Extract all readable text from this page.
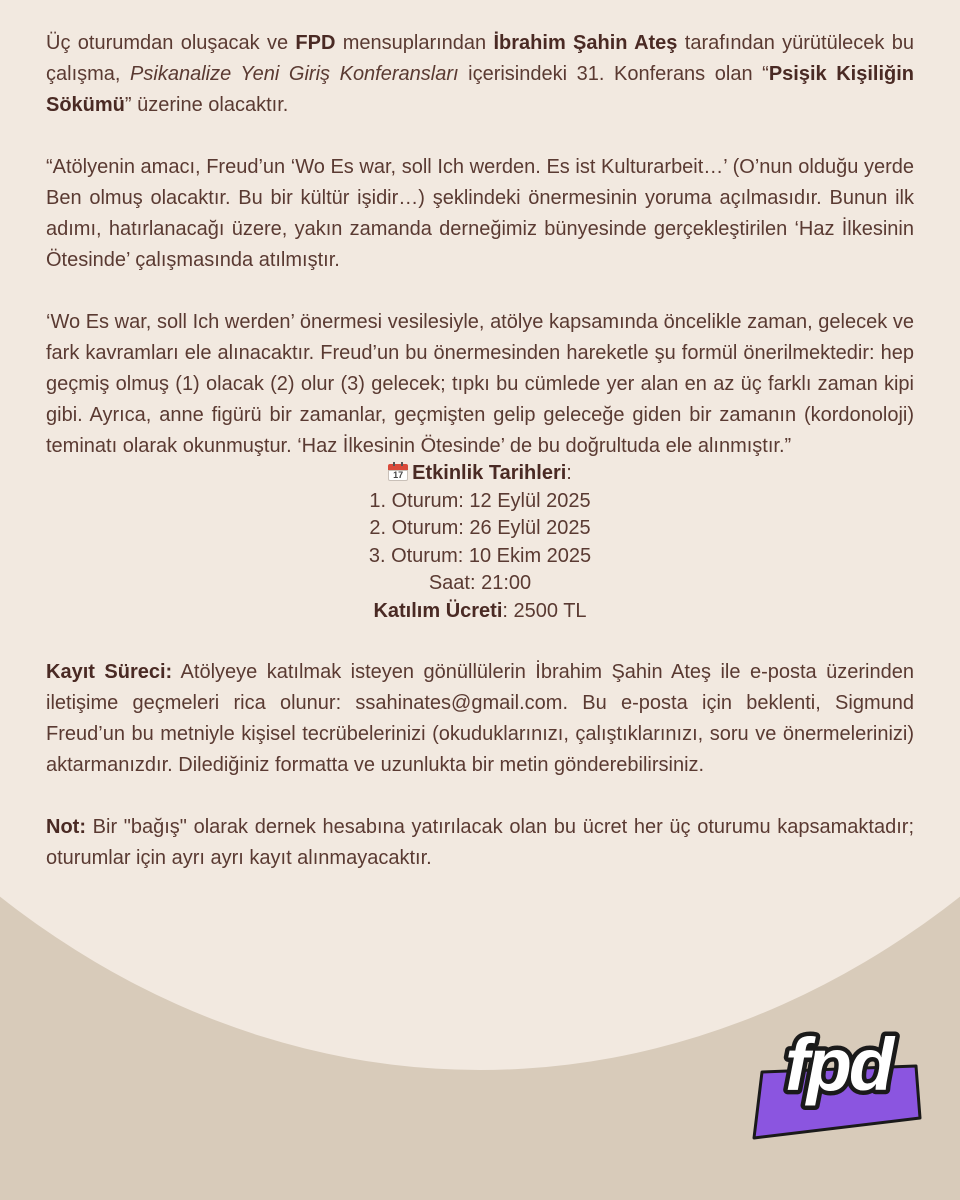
Üç oturumdan oluşacak ve FPD mensuplarından İbrahim Şahin Ateş tarafından yürütülecek bu çalışma, Psikanalize Yeni Giriş Konferansları içerisindeki 31. Konferans olan “Psişik Kişiliğin Sökümü” üzerine olacaktır.

“Atölyenin amacı, Freud’un ‘Wo Es war, soll Ich werden. Es ist Kulturarbeit…’ (O’nun olduğu yerde Ben olmuş olacaktır. Bu bir kültür işidir…) şeklindeki önermesinin yoruma açılmasıdır. Bunun ilk adımı, hatırlanacağı üzere, yakın zamanda derneğimiz bünyesinde gerçekleştirilen ‘Haz İlkesinin Ötesinde’ çalışmasında atılmıştır.

‘Wo Es war, soll Ich werden’ önermesi vesilesiyle, atölye kapsamında öncelikle zaman, gelecek ve fark kavramları ele alınacaktır. Freud’un bu önermesinden hareketle şu formül önerilmektedir: hep geçmiş olmuş (1) olacak (2) olur (3) gelecek; tıpkı bu cümlede yer alan en az üç farklı zaman kipi gibi. Ayrıca, anne figürü bir zamanlar, geçmişten gelip geleceğe giden bir zamanın (kordonoloji) teminatı olarak okunmuştur. ‘Haz İlkesinin Ötesinde’ de bu doğrultuda ele alınmıştır.”

17 Etkinlik Tarihleri:

1. Oturum: 12 Eylül 2025

2. Oturum: 26 Eylül 2025

3. Oturum: 10 Ekim 2025

Saat: 21:00

Katılım Ücreti: 2500 TL

Kayıt Süreci: Atölyeye katılmak isteyen gönüllülerin İbrahim Şahin Ateş ile e-posta üzerinden iletişime geçmeleri rica olunur: ssahinates@gmail.com. Bu e-posta için beklenti, Sigmund Freud’un bu metniyle kişisel tecrübelerinizi (okuduklarınızı, çalıştıklarınızı, soru ve önermelerinizi) aktarmanızdır. Dilediğiniz formatta ve uzunlukta bir metin gönderebilirsiniz.

Not: Bir "bağış" olarak dernek hesabına yatırılacak olan bu ücret her üç oturumu kapsamaktadır; oturumlar için ayrı ayrı kayıt alınmayacaktır.

fpd
